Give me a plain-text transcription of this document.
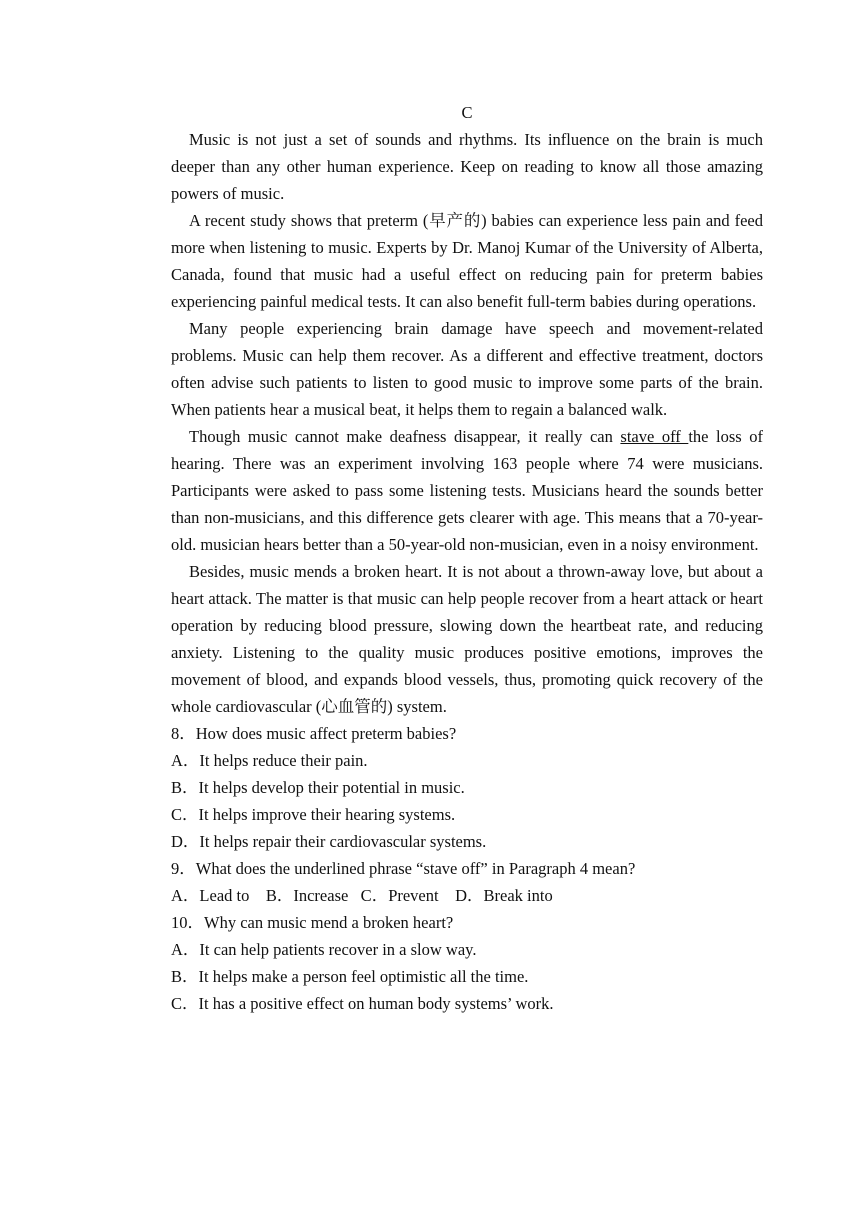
C

Music is not just a set of sounds and rhythms. Its influence on the brain is much deeper than any other human experience. Keep on reading to know all those amazing powers of music.

A recent study shows that preterm (早产的) babies can experience less pain and feed more when listening to music. Experts by Dr. Manoj Kumar of the University of Alberta, Canada, found that music had a useful effect on reducing pain for preterm babies experiencing painful medical tests. It can also benefit full-term babies during operations.

Many people experiencing brain damage have speech and movement-related problems. Music can help them recover. As a different and effective treatment, doctors often advise such patients to listen to good music to improve some parts of the brain. When patients hear a musical beat, it helps them to regain a balanced walk.

Though music cannot make deafness disappear, it really can stave off the loss of hearing. There was an experiment involving 163 people where 74 were musicians. Participants were asked to pass some listening tests. Musicians heard the sounds better than non-musicians, and this difference gets clearer with age. This means that a 70-year-old. musician hears better than a 50-year-old non-musician, even in a noisy environment.

Besides, music mends a broken heart. It is not about a thrown-away love, but about a heart attack. The matter is that music can help people recover from a heart attack or heart operation by reducing blood pressure, slowing down the heartbeat rate, and reducing anxiety. Listening to the quality music produces positive emotions, improves the movement of blood, and expands blood vessels, thus, promoting quick recovery of the whole cardiovascular (心血管的) system.

8．How does music affect preterm babies?

A．It helps reduce their pain.

B．It helps develop their potential in music.

C．It helps improve their hearing systems.

D．It helps repair their cardiovascular systems.

9．What does the underlined phrase “stave off” in Paragraph 4 mean?

A．Lead to    B．Increase   C．Prevent    D．Break into

10．Why can music mend a broken heart?

A．It can help patients recover in a slow way.

B．It helps make a person feel optimistic all the time.

C．It has a positive effect on human body systems’ work.
